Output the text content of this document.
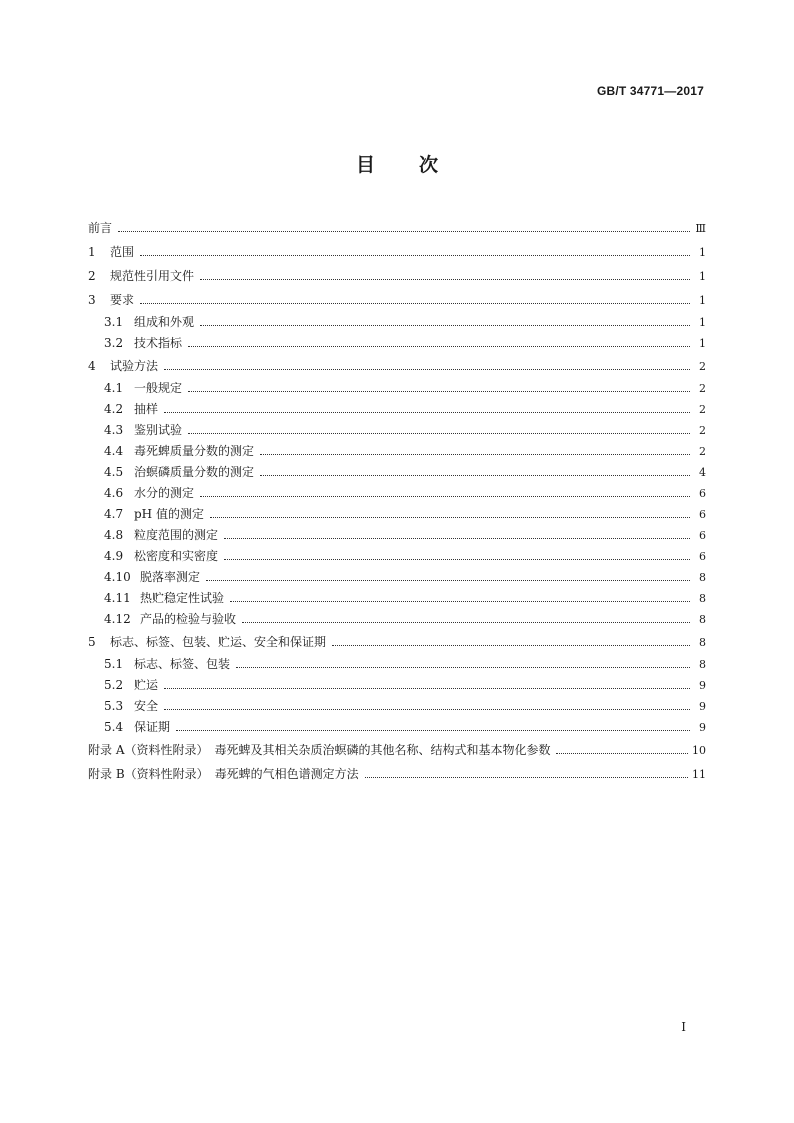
GB/T 34771—2017
目次
前言	Ⅲ
1	范围	1
2	规范性引用文件	1
3	要求	1
3.1 组成和外观	1
3.2 技术指标	1
4	试验方法	2
4.1 一般规定	2
4.2 抽样	2
4.3 鉴别试验	2
4.4 毒死蜱质量分数的测定	2
4.5 治螟磷质量分数的测定	4
4.6 水分的测定	6
4.7 pH 值的测定	6
4.8 粒度范围的测定	6
4.9 松密度和实密度	6
4.10 脱落率测定	8
4.11 热贮稳定性试验	8
4.12 产品的检验与验收	8
5	标志、标签、包装、贮运、安全和保证期	8
5.1 标志、标签、包装	8
5.2 贮运	9
5.3 安全	9
5.4 保证期	9
附录 A（资料性附录）　毒死蜱及其相关杂质治螟磷的其他名称、结构式和基本物化参数	10
附录 B（资料性附录）　毒死蜱的气相色谱测定方法	11
I
